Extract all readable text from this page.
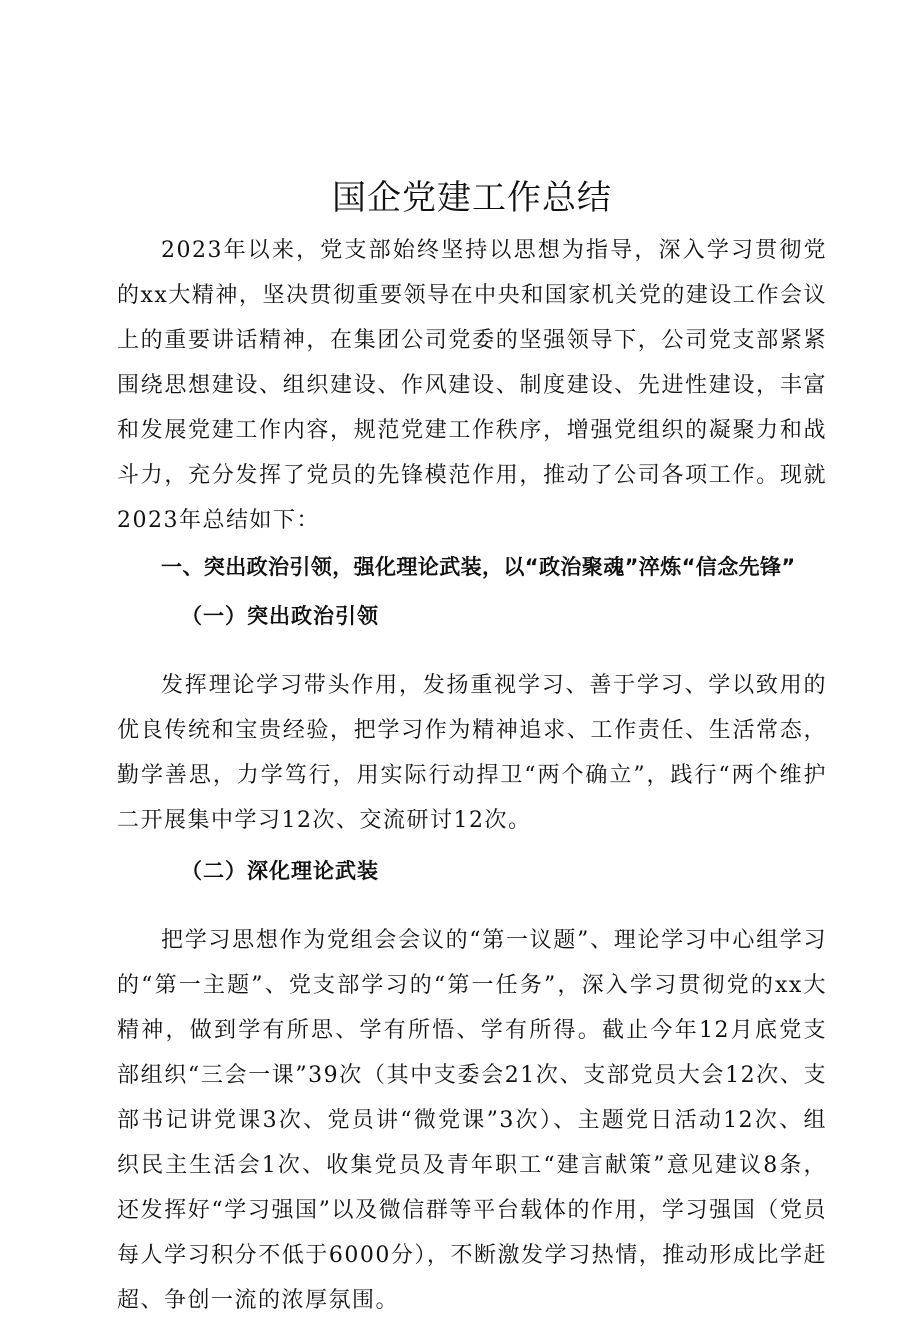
国企党建工作总结

2023年以来，党支部始终坚持以思想为指导，深入学习贯彻党的xx大精神，坚决贯彻重要领导在中央和国家机关党的建设工作会议上的重要讲话精神，在集团公司党委的坚强领导下，公司党支部紧紧围绕思想建设、组织建设、作风建设、制度建设、先进性建设，丰富和发展党建工作内容，规范党建工作秩序，增强党组织的凝聚力和战斗力，充分发挥了党员的先锋模范作用，推动了公司各项工作。现就2023年总结如下：

一、突出政治引领，强化理论武装，以“政治聚魂”淬炼“信念先锋”

（一）突出政治引领

发挥理论学习带头作用，发扬重视学习、善于学习、学以致用的优良传统和宝贵经验，把学习作为精神追求、工作责任、生活常态，勤学善思，力学笃行，用实际行动捍卫“两个确立”，践行“两个维护二开展集中学习12次、交流研讨12次。

（二）深化理论武装

把学习思想作为党组会会议的“第一议题”、理论学习中心组学习的“第一主题”、党支部学习的“第一任务”，深入学习贯彻党的xx大精神，做到学有所思、学有所悟、学有所得。截止今年12月底党支部组织“三会一课”39次（其中支委会21次、支部党员大会12次、支部书记讲党课3次、党员讲“微党课”3次）、主题党日活动12次、组织民主生活会1次、收集党员及青年职工“建言献策”意见建议8条，还发挥好“学习强国”以及微信群等平台载体的作用，学习强国（党员每人学习积分不低于6000分），不断激发学习热情，推动形成比学赶超、争创一流的浓厚氛围。
